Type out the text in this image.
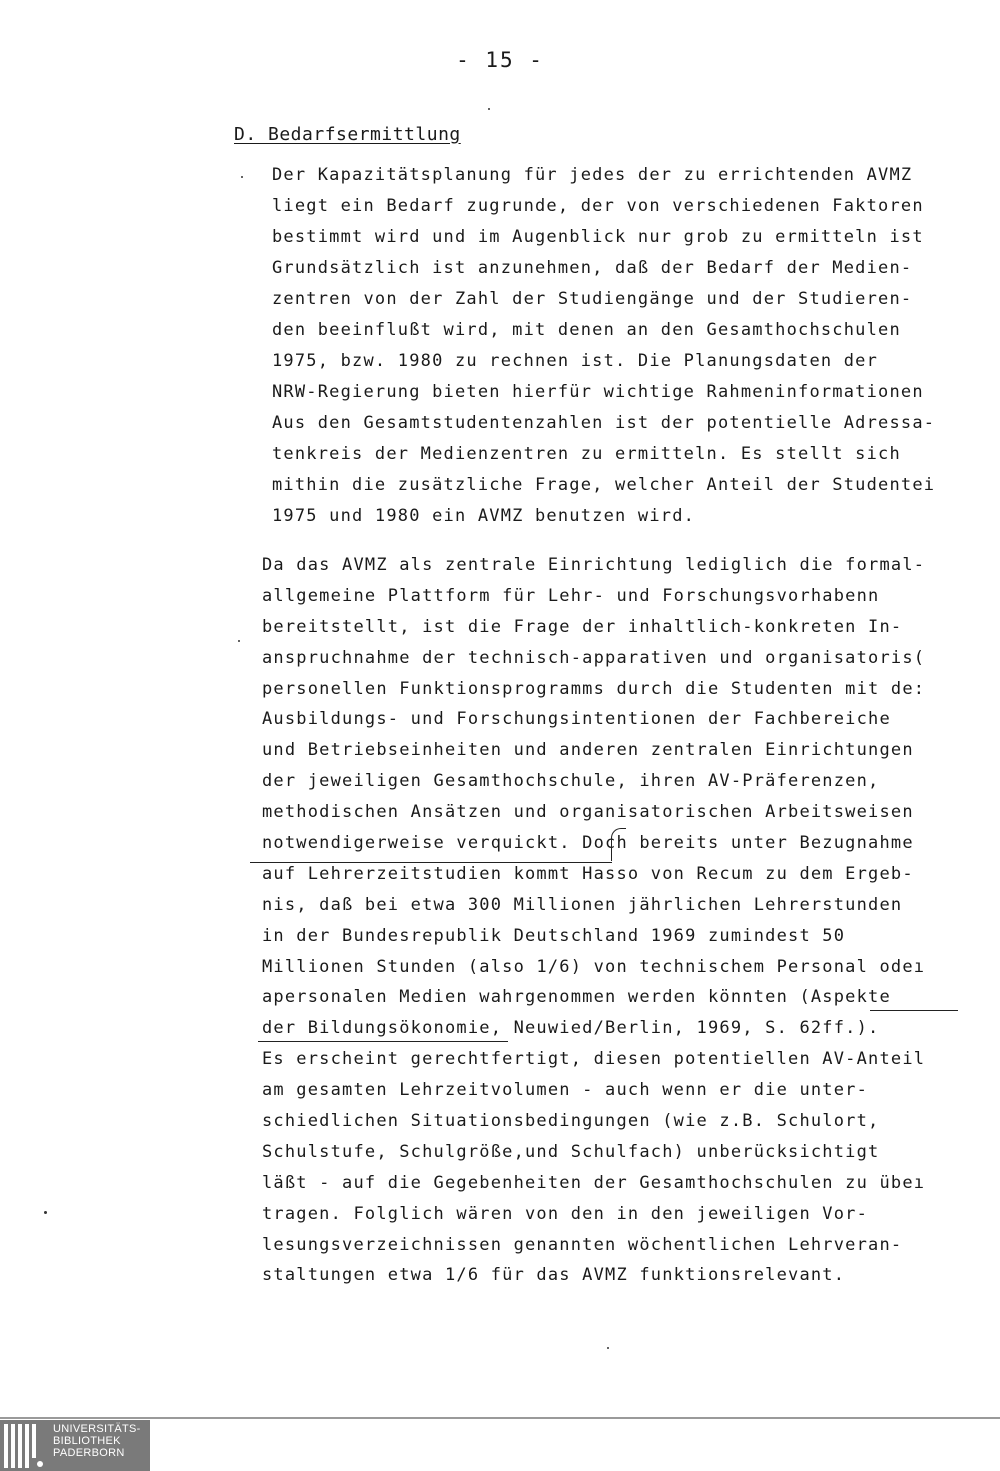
- 15 -
D. Bedarfsermittlung
Der Kapazitätsplanung für jedes der zu errichtenden AVMZ
liegt ein Bedarf zugrunde, der von verschiedenen Faktoren
bestimmt wird und im Augenblick nur grob zu ermitteln ist
Grundsätzlich ist anzunehmen, daß der Bedarf der Medien-
zentren von der Zahl der Studiengänge und der Studieren-
den beeinflußt wird, mit denen an den Gesamthochschulen
1975, bzw. 1980 zu rechnen ist. Die Planungsdaten der
NRW-Regierung bieten hierfür wichtige Rahmeninformationen
Aus den Gesamtstudentenzahlen ist der potentielle Adressa-
tenkreis der Medienzentren zu ermitteln. Es stellt sich
mithin die zusätzliche Frage, welcher Anteil der Studentei
1975 und 1980 ein AVMZ benutzen wird.
Da das AVMZ als zentrale Einrichtung lediglich die formal-
allgemeine Plattform für Lehr- und Forschungsvorhabenn
bereitstellt, ist die Frage der inhaltlich-konkreten In-
anspruchnahme der technisch-apparativen und organisatoris(
personellen Funktionsprogramms durch die Studenten mit de:
Ausbildungs- und Forschungsintentionen der Fachbereiche
und Betriebseinheiten und anderen zentralen Einrichtungen
der jeweiligen Gesamthochschule, ihren AV-Präferenzen,
methodischen Ansätzen und organisatorischen Arbeitsweisen
notwendigerweise verquickt. Doch bereits unter Bezugnahme
auf Lehrerzeitstudien kommt Hasso von Recum zu dem Ergeb-
nis, daß bei etwa 300 Millionen jährlichen Lehrerstunden
in der Bundesrepublik Deutschland 1969 zumindest 50
Millionen Stunden (also 1/6) von technischem Personal odeı
apersonalen Medien wahrgenommen werden könnten (Aspekte
der Bildungsökonomie, Neuwied/Berlin, 1969, S. 62ff.).
Es erscheint gerechtfertigt, diesen potentiellen AV-Anteil
am gesamten Lehrzeitvolumen - auch wenn er die unter-
schiedlichen Situationsbedingungen (wie z.B. Schulort,
Schulstufe, Schulgröße,und Schulfach) unberücksichtigt
läßt - auf die Gegebenheiten der Gesamthochschulen zu übeı
tragen. Folglich wären von den in den jeweiligen Vor-
lesungsverzeichnissen genannten wöchentlichen Lehrveran-
staltungen etwa 1/6 für das AVMZ funktionsrelevant.
UNIVERSITÄTS-
BIBLIOTHEK
PADERBORN
